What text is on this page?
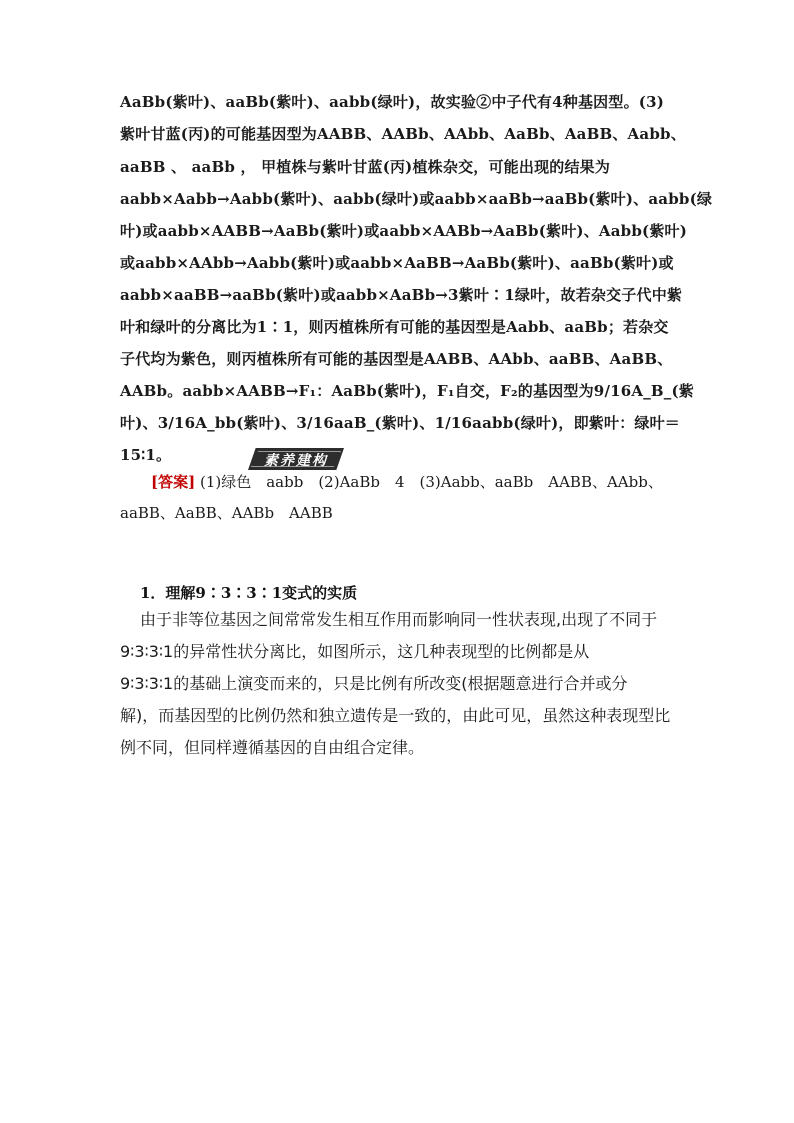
AaBb(紫叶)、aaBb(紫叶)、aabb(绿叶)，故实验②中子代有4种基因型。(3)
紫叶甘蓝(丙)的可能基因型为AABB、AABb、AAbb、AaBb、AaBB、Aabb、
aaBB 、 aaBb ， 甲植株与紫叶甘蓝(丙)植株杂交，可能出现的结果为
aabb×Aabb→Aabb(紫叶)、aabb(绿叶)或aabb×aaBb→aaBb(紫叶)、aabb(绿
叶)或aabb×AABB→AaBb(紫叶)或aabb×AABb→AaBb(紫叶)、Aabb(紫叶)
或aabb×AAbb→Aabb(紫叶)或aabb×AaBB→AaBb(紫叶)、aaBb(紫叶)或
aabb×aaBB→aaBb(紫叶)或aabb×AaBb→3紫叶∶1绿叶，故若杂交子代中紫
叶和绿叶的分离比为1∶1，则丙植株所有可能的基因型是Aabb、aaBb；若杂交
子代均为紫色，则丙植株所有可能的基因型是AABB、AAbb、aaBB、AaBB、
AABb。aabb×AABB→F₁：AaBb(紫叶)，F₁自交，F₂的基因型为9/16A_B_(紫
叶)、3/16A_bb(紫叶)、3/16aaB_(紫叶)、1/16aabb(绿叶)，即紫叶：绿叶＝
15∶1。
[答案] (1)绿色　aabb　(2)AaBb　4　(3)Aabb、aaBb　AABB、AAbb、
aaBB、AaBB、AABb　AABB
素养建构
1．理解9∶3∶3∶1变式的实质
由于非等位基因之间常常发生相互作用而影响同一性状表现,出现了不同于
9∶3∶3∶1的异常性状分离比，如图所示，这几种表现型的比例都是从
9∶3∶3∶1的基础上演变而来的，只是比例有所改变(根据题意进行合并或分
解)，而基因型的比例仍然和独立遗传是一致的，由此可见，虽然这种表现型比
例不同，但同样遵循基因的自由组合定律。
